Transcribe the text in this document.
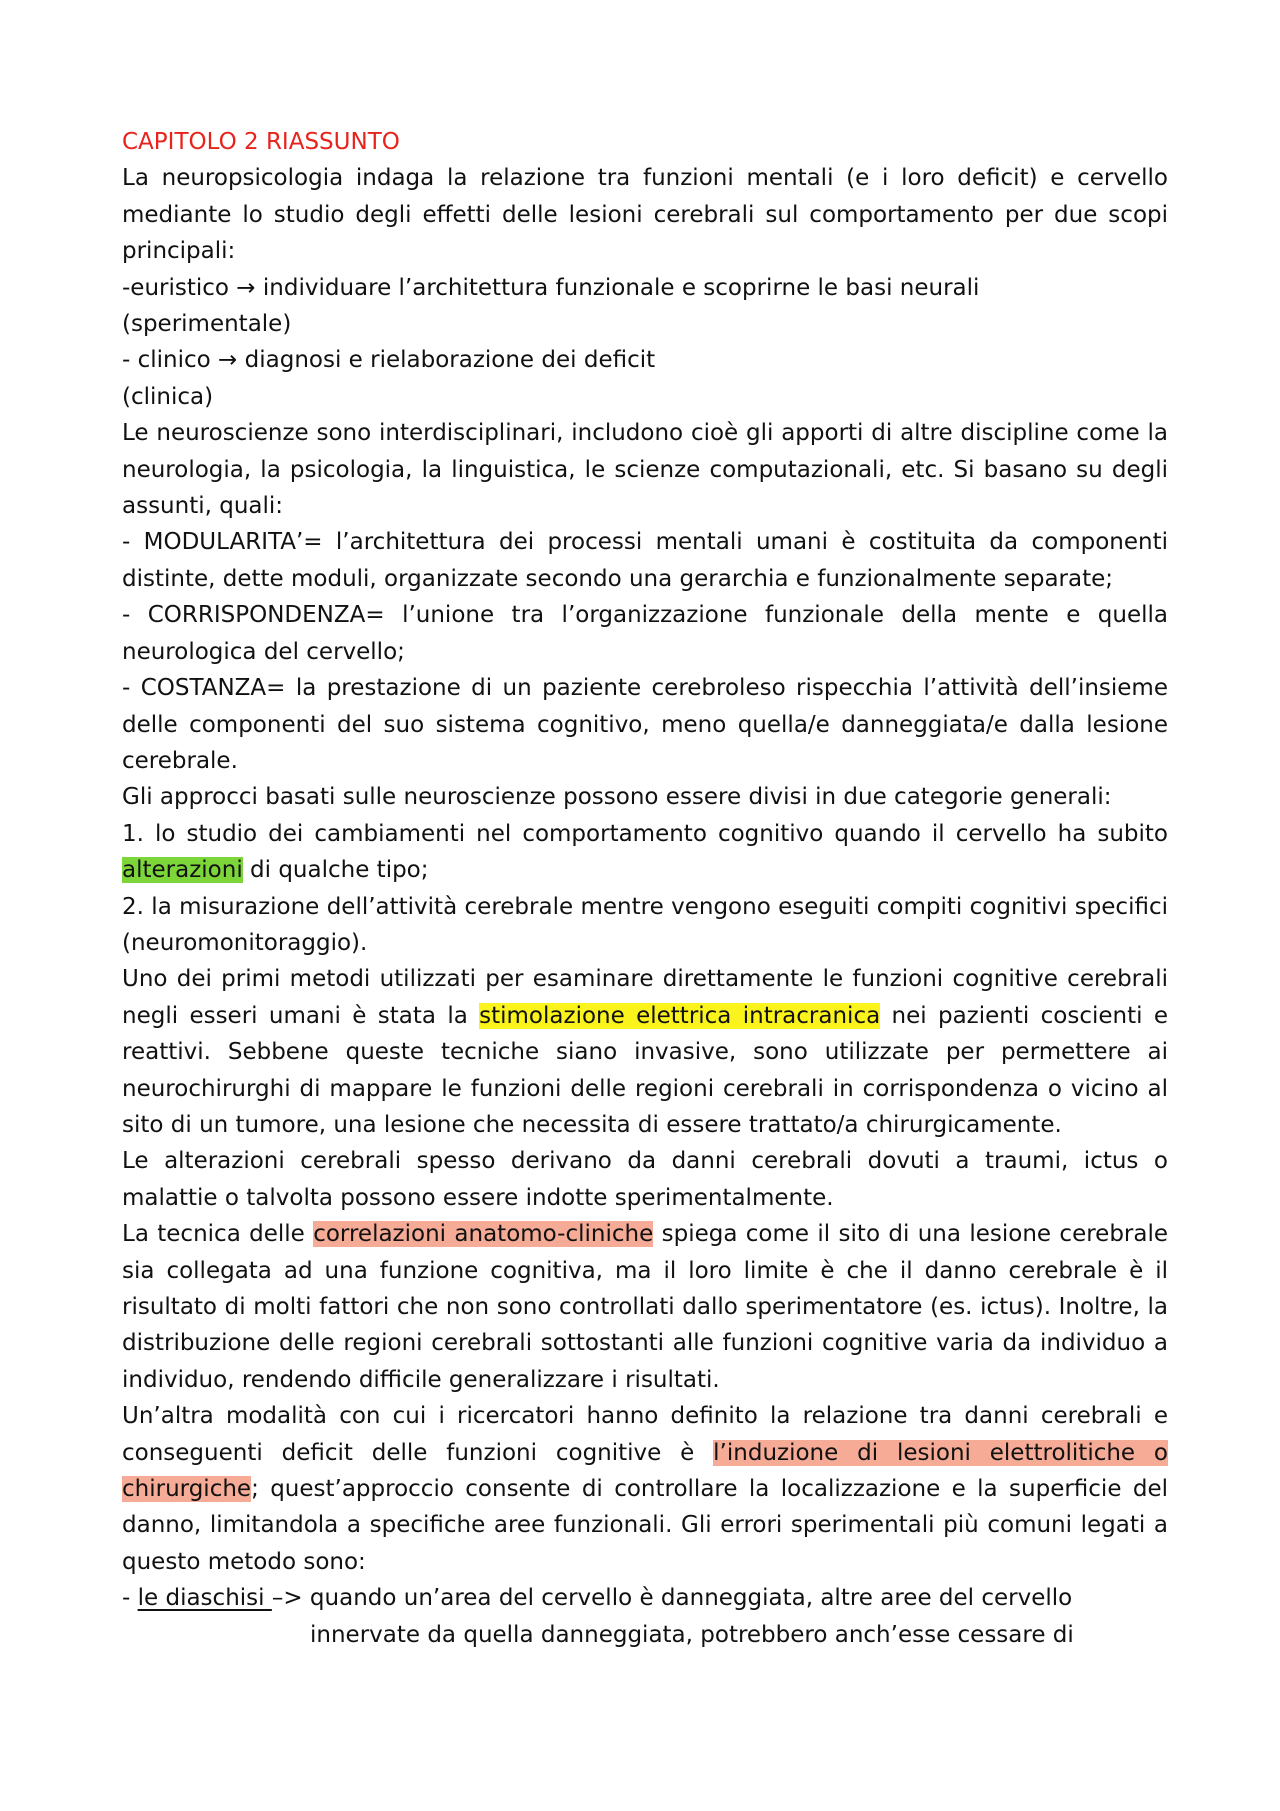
CAPITOLO 2 RIASSUNTO
La neuropsicologia indaga la relazione tra funzioni mentali (e i loro deficit) e cervello mediante lo studio degli effetti delle lesioni cerebrali sul comportamento per due scopi principali:
-euristico → individuare l’architettura funzionale e scoprirne le basi neurali
(sperimentale)
- clinico → diagnosi e rielaborazione dei deficit
(clinica)
Le neuroscienze sono interdisciplinari, includono cioè gli apporti di altre discipline come la neurologia, la psicologia, la linguistica, le scienze computazionali, etc. Si basano su degli assunti, quali:
- MODULARITA’= l’architettura dei processi mentali umani è costituita da componenti distinte, dette moduli, organizzate secondo una gerarchia e funzionalmente separate;
- CORRISPONDENZA= l’unione tra l’organizzazione funzionale della mente e quella neurologica del cervello;
- COSTANZA= la prestazione di un paziente cerebroleso rispecchia l’attività dell’insieme delle componenti del suo sistema cognitivo, meno quella/e danneggiata/e dalla lesione cerebrale.
Gli approcci basati sulle neuroscienze possono essere divisi in due categorie generali:
1. lo studio dei cambiamenti nel comportamento cognitivo quando il cervello ha subito alterazioni di qualche tipo;
2. la misurazione dell’attività cerebrale mentre vengono eseguiti compiti cognitivi specifici (neuromonitoraggio).
Uno dei primi metodi utilizzati per esaminare direttamente le funzioni cognitive cerebrali negli esseri umani è stata la stimolazione elettrica intracranica nei pazienti coscienti e reattivi. Sebbene queste tecniche siano invasive, sono utilizzate per permettere ai neurochirurghi di mappare le funzioni delle regioni cerebrali in corrispondenza o vicino al sito di un tumore, una lesione che necessita di essere trattato/a chirurgicamente.
Le alterazioni cerebrali spesso derivano da danni cerebrali dovuti a traumi, ictus o malattie o talvolta possono essere indotte sperimentalmente.
La tecnica delle correlazioni anatomo-cliniche spiega come il sito di una lesione cerebrale sia collegata ad una funzione cognitiva, ma il loro limite è che il danno cerebrale è il risultato di molti fattori che non sono controllati dallo sperimentatore (es. ictus). Inoltre, la distribuzione delle regioni cerebrali sottostanti alle funzioni cognitive varia da individuo a individuo, rendendo difficile generalizzare i risultati.
Un’altra modalità con cui i ricercatori hanno definito la relazione tra danni cerebrali e conseguenti deficit delle funzioni cognitive è l’induzione di lesioni elettrolitiche o chirurgiche; quest’approccio consente di controllare la localizzazione e la superficie del danno, limitandola a specifiche aree funzionali. Gli errori sperimentali più comuni legati a questo metodo sono:
- le diaschisi –> quando un’area del cervello è danneggiata, altre aree del cervello
innervate da quella danneggiata, potrebbero anch’esse cessare di
